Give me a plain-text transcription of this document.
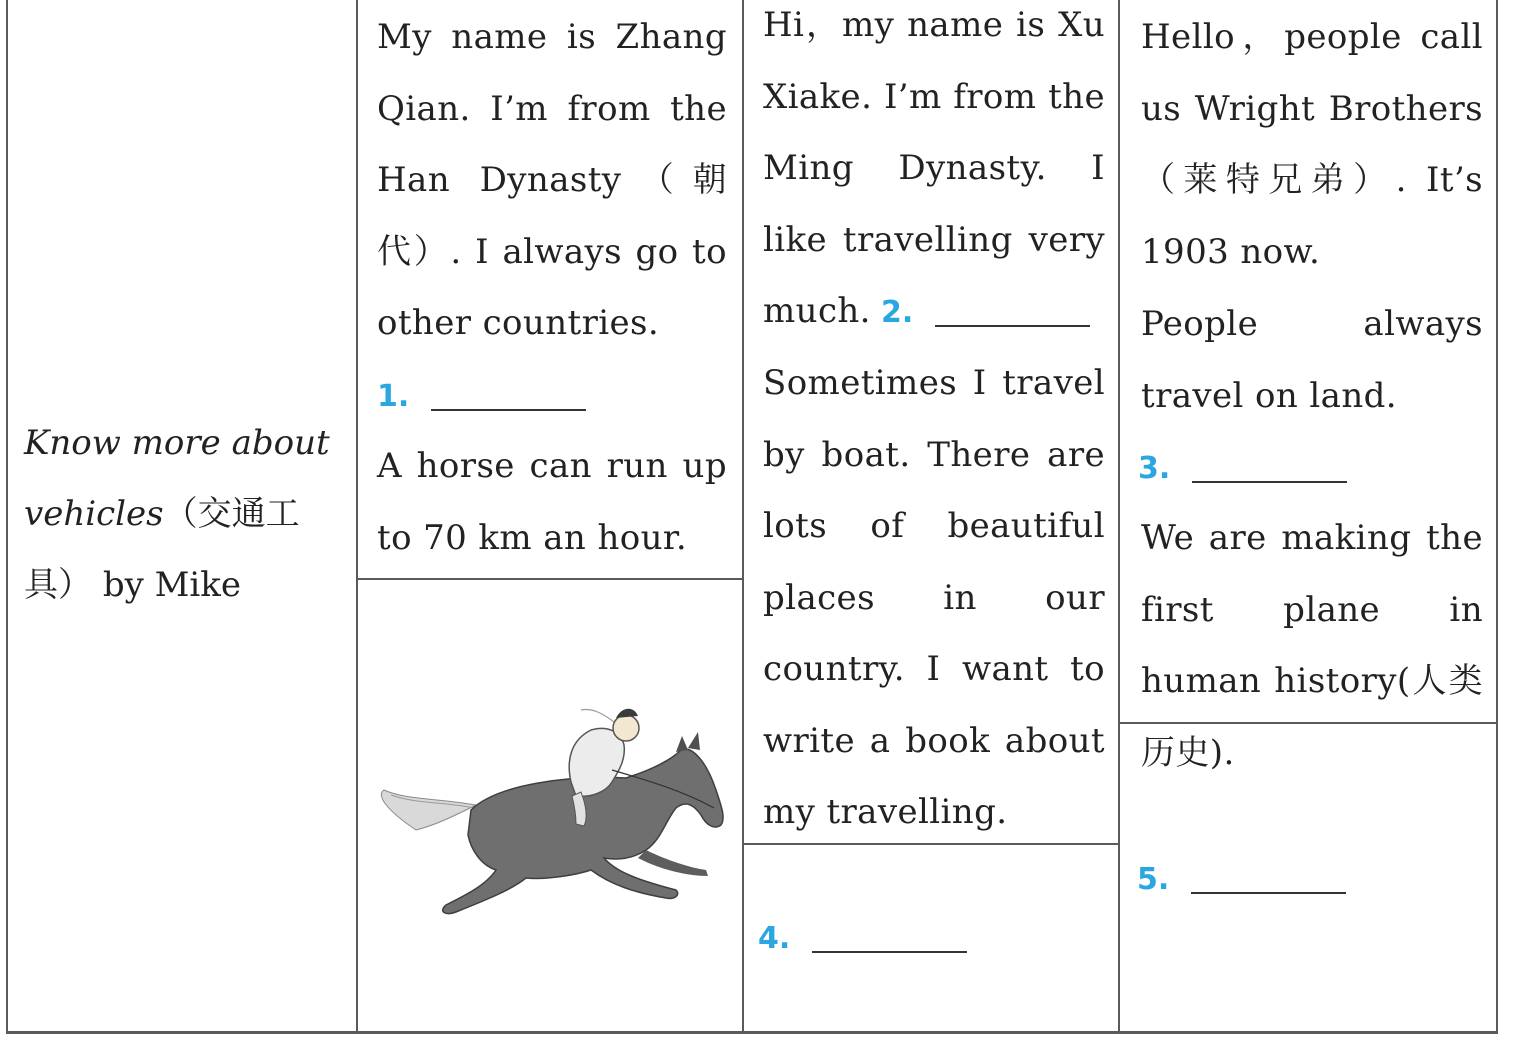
Know more about
vehicles（交通工具） by Mike
My name is Zhang Qian. I’m from the Han Dynasty（朝代）. I always go to other countries.
1.
A horse can run up to 70 km an hour.
Hi，my name is Xu Xiake. I’m from the Ming Dynasty. I like travelling very much. 2.
Sometimes I travel by boat. There are lots of beautiful places in our country. I want to write a book about my travelling.
4.
Hello，people call us Wright Brothers（莱特兄弟）. It’s 1903 now.
People always travel on land.
3.
We are making the first plane in human history(人类历史).
5.
